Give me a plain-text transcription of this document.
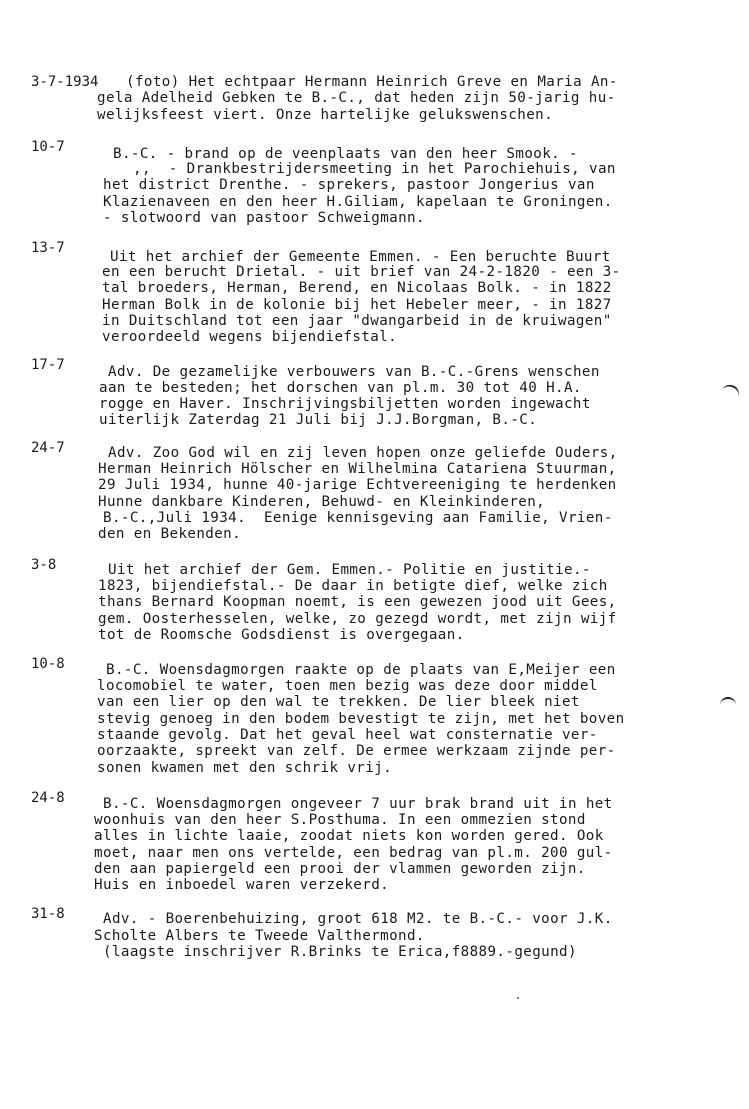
3-7-1934 (foto) Het echtpaar Hermann Heinrich Greve en Maria An-
gela Adelheid Gebken te B.-C., dat heden zijn 50-jarig hu-
welijksfeest viert. Onze hartelijke gelukswenschen.
10-7	B.-C. - brand op de veenplaats van den heer Smook. -
,,  - Drankbestrijdersmeeting in het Parochiehuis, van
het district Drenthe. - sprekers, pastoor Jongerius van
Klazienaveen en den heer H.Giliam, kapelaan te Groningen.
- slotwoord van pastoor Schweigmann.
13-7
Uit het archief der Gemeente Emmen. - Een beruchte Buurt
en een berucht Drietal. - uit brief van 24-2-1820 - een 3-
tal broeders, Herman, Berend, en Nicolaas Bolk. - in 1822
Herman Bolk in de kolonie bij het Hebeler meer, - in 1827
in Duitschland tot een jaar "dwangarbeid in de kruiwagen"
veroordeeld wegens bijendiefstal.
17-7	Adv. De gezamelijke verbouwers van B.-C.-Grens wenschen
aan te besteden; het dorschen van pl.m. 30 tot 40 H.A.
rogge en Haver. Inschrijvingsbiljetten worden ingewacht
uiterlijk Zaterdag 21 Juli bij J.J.Borgman, B.-C.
24-7	Adv. Zoo God wil en zij leven hopen onze geliefde Ouders,
Herman Heinrich Hölscher en Wilhelmina Catariena Stuurman,
29 Juli 1934, hunne 40-jarige Echtvereeniging te herdenken
Hunne dankbare Kinderen, Behuwd- en Kleinkinderen,
B.-C.,Juli 1934.  Eenige kennisgeving aan Familie, Vrien-
den en Bekenden.
3-8	Uit het archief der Gem. Emmen.- Politie en justitie.-
1823, bijendiefstal.- De daar in betigte dief, welke zich
thans Bernard Koopman noemt, is een gewezen jood uit Gees,
gem. Oosterhesselen, welke, zo gezegd wordt, met zijn wijf
tot de Roomsche Godsdienst is overgegaan.
10-8	B.-C. Woensdagmorgen raakte op de plaats van E,Meijer een
locomobiel te water, toen men bezig was deze door middel
van een lier op den wal te trekken. De lier bleek niet
stevig genoeg in den bodem bevestigt te zijn, met het boven
staande gevolg. Dat het geval heel wat consternatie ver-
oorzaakte, spreekt van zelf. De ermee werkzaam zijnde per-
sonen kwamen met den schrik vrij.
24-8	B.-C. Woensdagmorgen ongeveer 7 uur brak brand uit in het
woonhuis van den heer S.Posthuma. In een ommezien stond
alles in lichte laaie, zoodat niets kon worden gered. Ook
moet, naar men ons vertelde, een bedrag van pl.m. 200 gul-
den aan papiergeld een prooi der vlammen geworden zijn.
Huis en inboedel waren verzekerd.
31-8	Adv. - Boerenbehuizing, groot 618 M2. te B.-C.- voor J.K.
Scholte Albers te Tweede Valthermond.
(laagste inschrijver R.Brinks te Erica,f8889.-gegund)
